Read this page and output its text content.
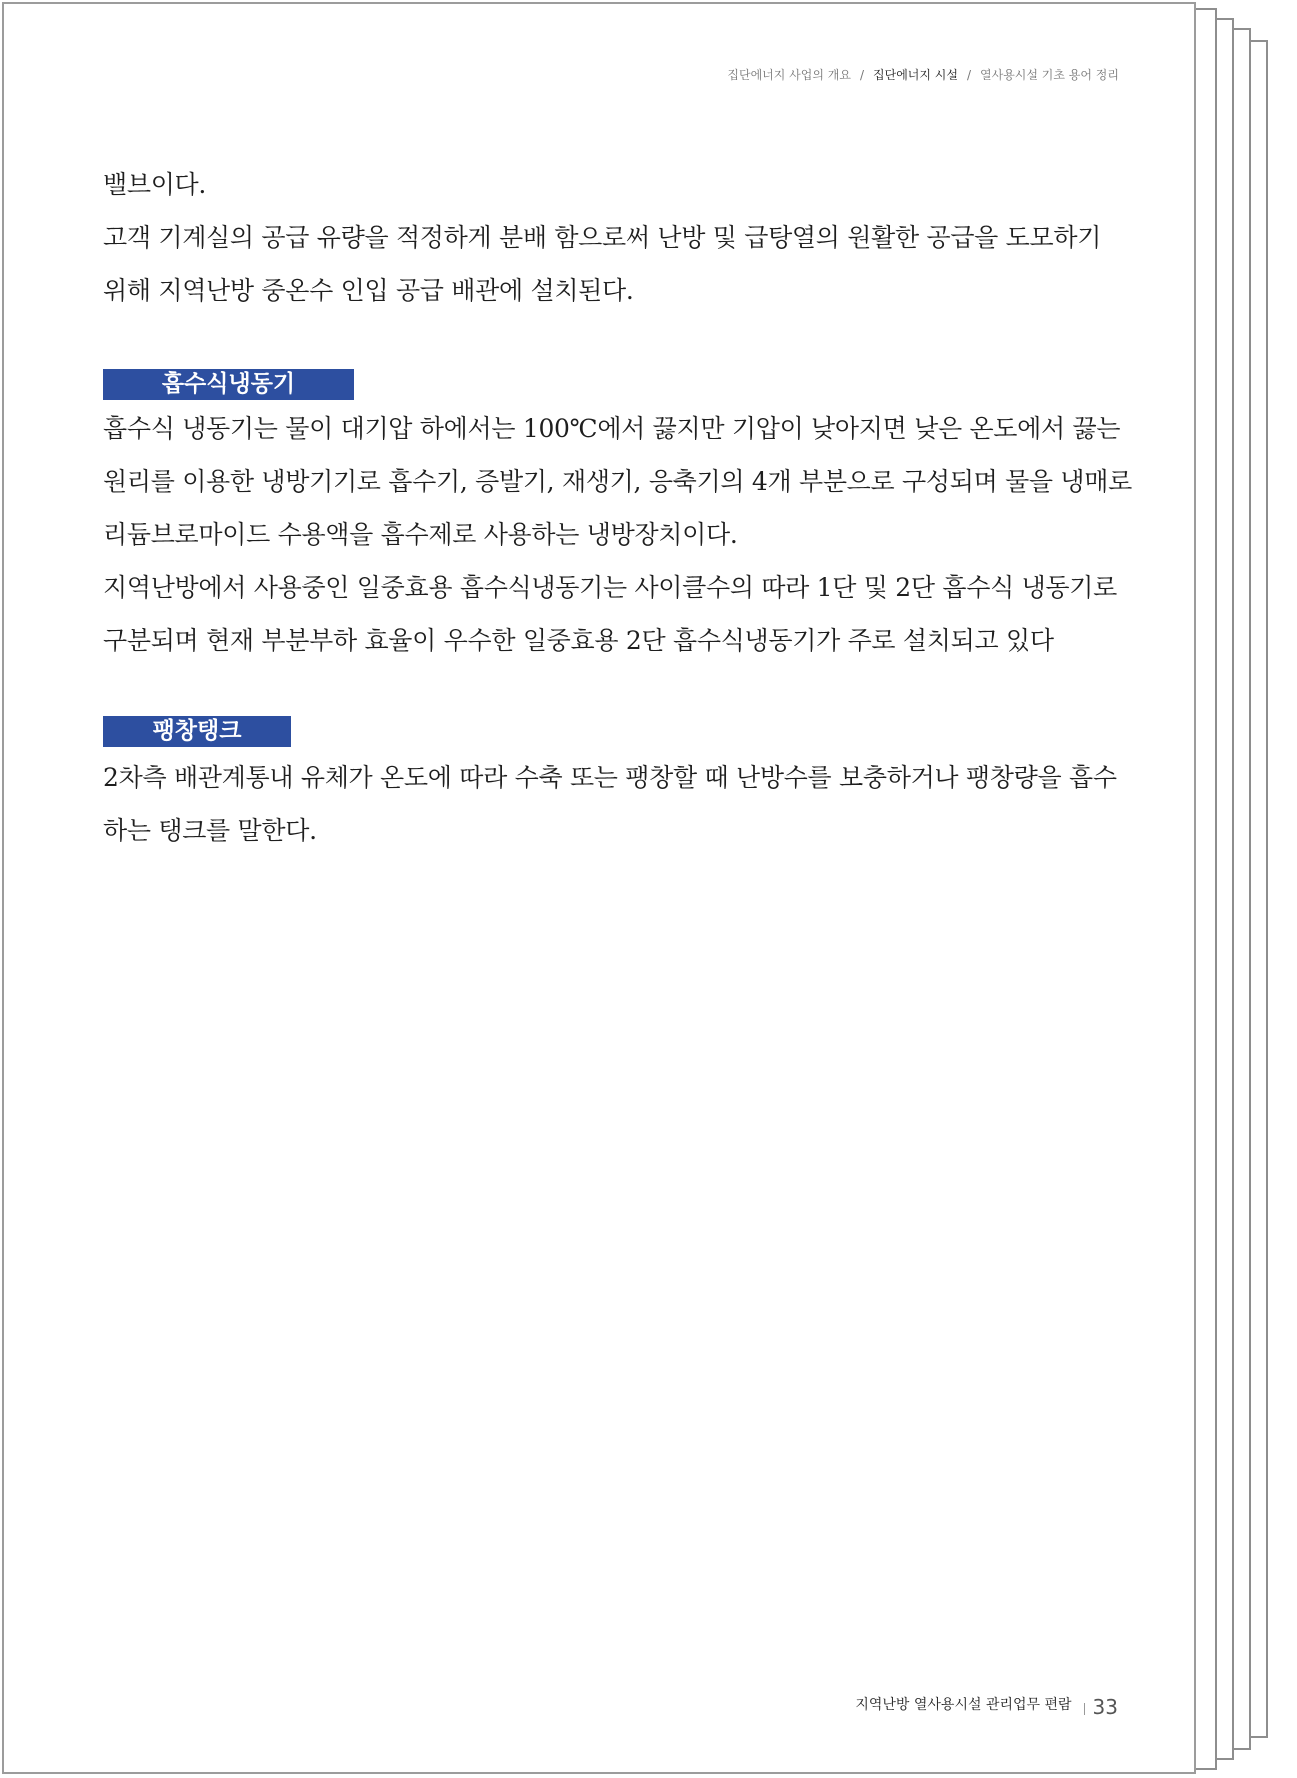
집단에너지 사업의 개요 / 집단에너지 시설 / 열사용시설 기초 용어 정리

밸브이다.

고객 기계실의 공급 유량을 적정하게 분배 함으로써 난방 및 급탕열의 원활한 공급을 도모하기

위해 지역난방 중온수 인입 공급 배관에 설치된다.

흡수식냉동기

흡수식 냉동기는 물이 대기압 하에서는 100℃에서 끓지만 기압이 낮아지면 낮은 온도에서 끓는

원리를 이용한 냉방기기로 흡수기, 증발기, 재생기, 응축기의 4개 부분으로 구성되며 물을 냉매로

리듐브로마이드 수용액을 흡수제로 사용하는 냉방장치이다.

지역난방에서 사용중인 일중효용 흡수식냉동기는 사이클수의 따라 1단 및 2단 흡수식 냉동기로

구분되며 현재 부분부하 효율이 우수한 일중효용 2단 흡수식냉동기가 주로 설치되고 있다

팽창탱크

2차측 배관계통내 유체가 온도에 따라 수축 또는 팽창할 때 난방수를 보충하거나 팽창량을 흡수

하는 탱크를 말한다.

지역난방 열사용시설 관리업무 편람 33
